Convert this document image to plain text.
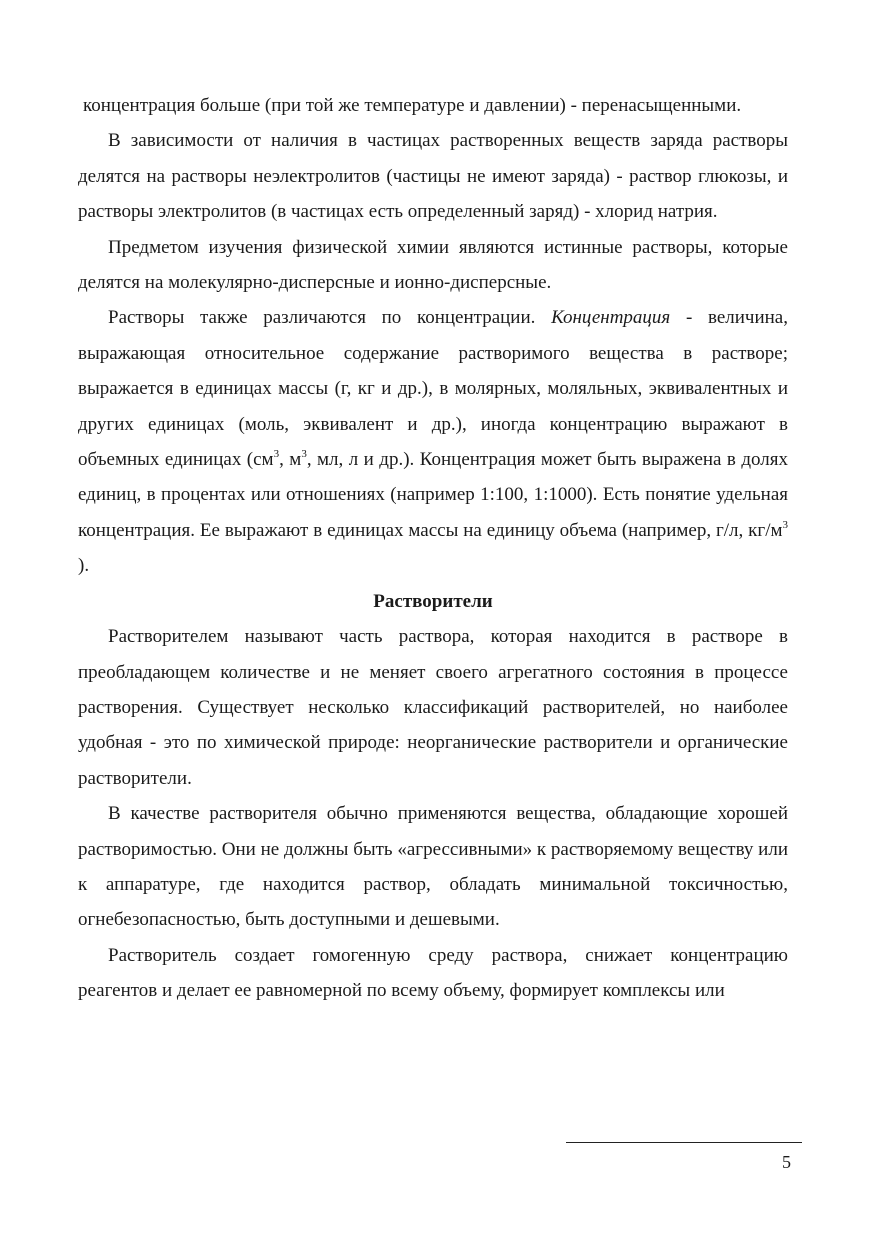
концентрация больше (при той же температуре и давлении) - перенасыщенными.

В зависимости от наличия в частицах растворенных веществ заряда растворы делятся на растворы неэлектролитов (частицы не имеют заряда) - раствор глюкозы, и растворы электролитов (в частицах есть определенный заряд) - хлорид натрия.

Предметом изучения физической химии являются истинные растворы, которые делятся на молекулярно-дисперсные и ионно-дисперсные.

Растворы также различаются по концентрации. Концентрация - величина, выражающая относительное содержание растворимого вещества в растворе; выражается в единицах массы (г, кг и др.), в молярных, моляльных, эквивалентных и других единицах (моль, эквивалент и др.), иногда концентрацию выражают в объемных единицах ($см^3$, $м^3$, мл, л и др.). Концентрация может быть выражена в долях единиц, в процентах или отношениях (например 1:100, 1:1000). Есть понятие удельная концентрация. Ее выражают в единицах массы на единицу объема (например, г/л, $кг/м^3$ ).

Растворители

Растворителем называют часть раствора, которая находится в растворе в преобладающем количестве и не меняет своего агрегатного состояния в процессе растворения. Существует несколько классификаций растворителей, но наиболее удобная - это по химической природе: неорганические растворители и органические растворители.

В качестве растворителя обычно применяются вещества, обладающие хорошей растворимостью. Они не должны быть «агрессивными» к растворяемому веществу или к аппаратуре, где находится раствор, обладать минимальной токсичностью, огнебезопасностью, быть доступными и дешевыми.

Растворитель создает гомогенную среду раствора, снижает концентрацию реагентов и делает ее равномерной по всему объему, формирует комплексы или

5
